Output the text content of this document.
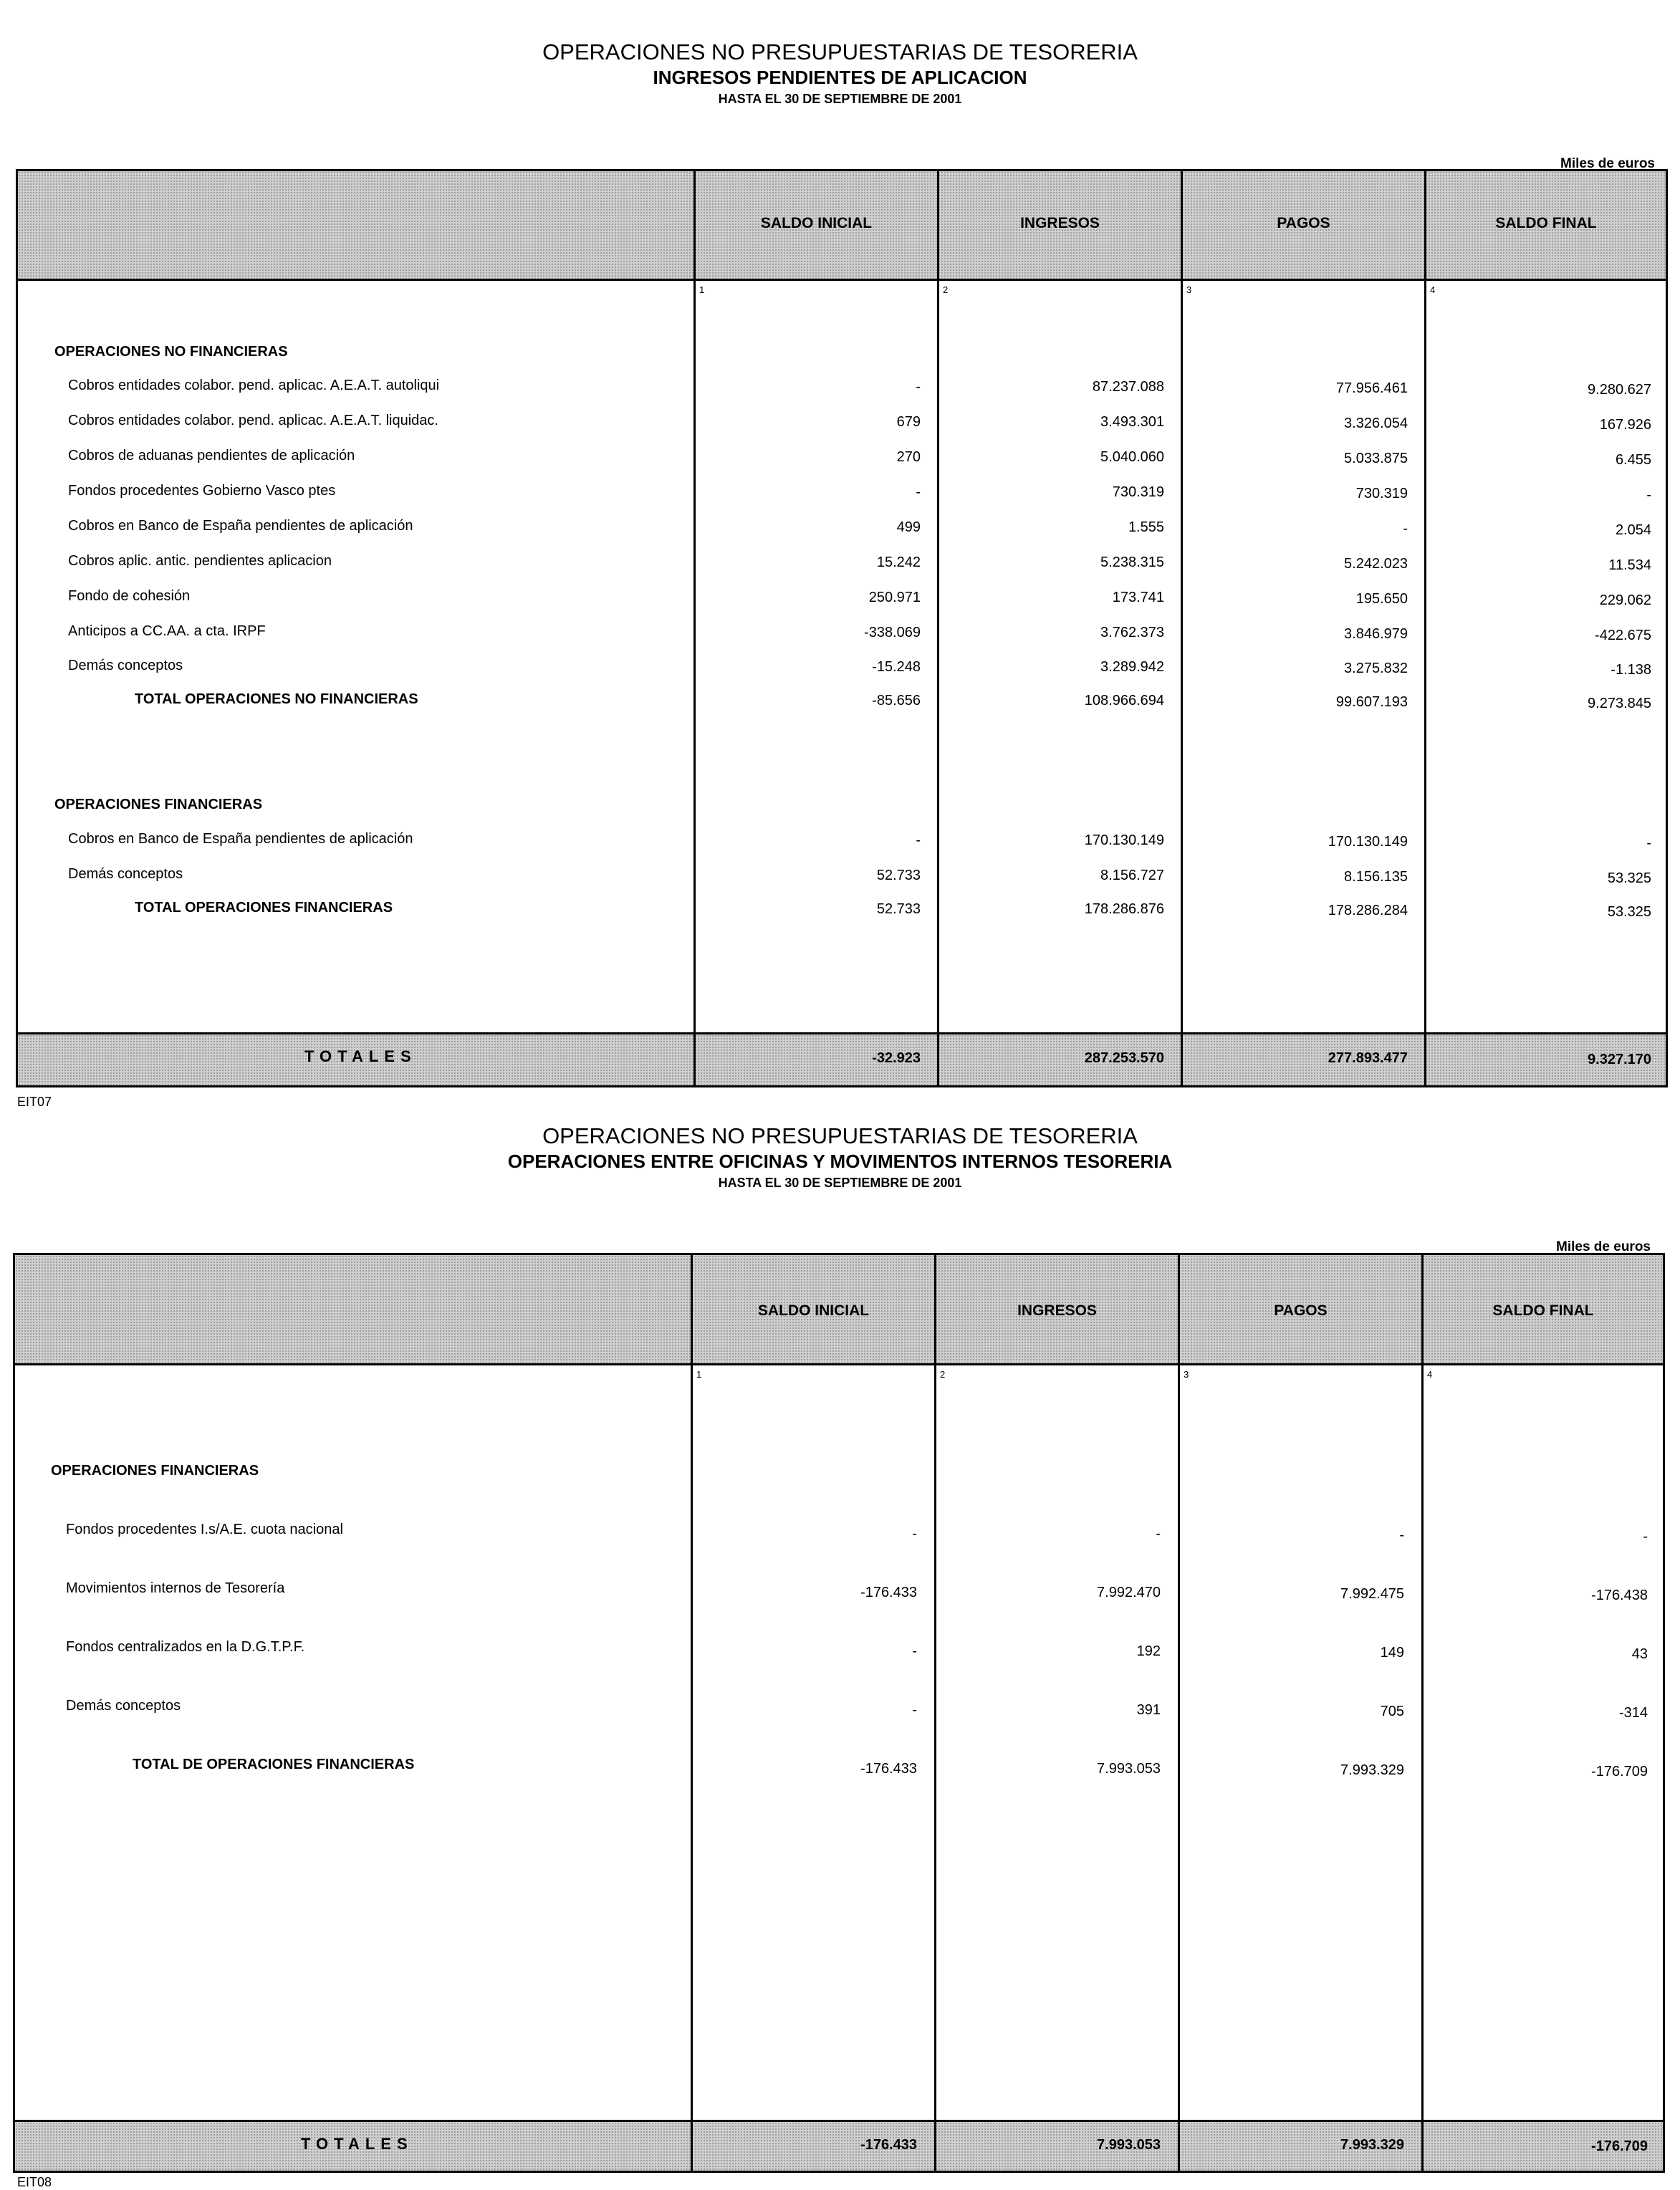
OPERACIONES NO PRESUPUESTARIAS DE TESORERIA
INGRESOS PENDIENTES DE APLICACION
HASTA EL 30 DE SEPTIEMBRE DE 2001
Miles de euros
SALDO INICIAL	INGRESOS	PAGOS	SALDO FINAL
1	2	3	4
OPERACIONES NO FINANCIERAS
Cobros entidades colabor. pend. aplicac. A.E.A.T. autoliqui	-	87.237.088	77.956.461	9.280.627
Cobros entidades colabor. pend. aplicac. A.E.A.T. liquidac.	679	3.493.301	3.326.054	167.926
Cobros de aduanas pendientes de aplicación	270	5.040.060	5.033.875	6.455
Fondos procedentes Gobierno Vasco ptes	-	730.319	730.319	-
Cobros en Banco de España pendientes de aplicación	499	1.555	-	2.054
Cobros aplic. antic. pendientes aplicacion	15.242	5.238.315	5.242.023	11.534
Fondo de cohesión	250.971	173.741	195.650	229.062
Anticipos a CC.AA. a cta. IRPF	-338.069	3.762.373	3.846.979	-422.675
Demás conceptos	-15.248	3.289.942	3.275.832	-1.138
TOTAL OPERACIONES NO FINANCIERAS	-85.656	108.966.694	99.607.193	9.273.845
OPERACIONES FINANCIERAS
Cobros en Banco de España pendientes de aplicación	-	170.130.149	170.130.149	-
Demás conceptos	52.733	8.156.727	8.156.135	53.325
TOTAL OPERACIONES FINANCIERAS	52.733	178.286.876	178.286.284	53.325
TOTALES	-32.923	287.253.570	277.893.477	9.327.170
EIT07
OPERACIONES NO PRESUPUESTARIAS DE TESORERIA
OPERACIONES ENTRE OFICINAS Y MOVIMENTOS INTERNOS TESORERIA
HASTA EL 30 DE SEPTIEMBRE DE 2001
Miles de euros
SALDO INICIAL	INGRESOS	PAGOS	SALDO FINAL
1	2	3	4
OPERACIONES FINANCIERAS
Fondos procedentes I.s/A.E. cuota nacional	-	-	-	-
Movimientos internos de Tesorería	-176.433	7.992.470	7.992.475	-176.438
Fondos centralizados en la D.G.T.P.F.	-	192	149	43
Demás conceptos	-	391	705	-314
TOTAL DE OPERACIONES FINANCIERAS	-176.433	7.993.053	7.993.329	-176.709
TOTALES	-176.433	7.993.053	7.993.329	-176.709
EIT08
